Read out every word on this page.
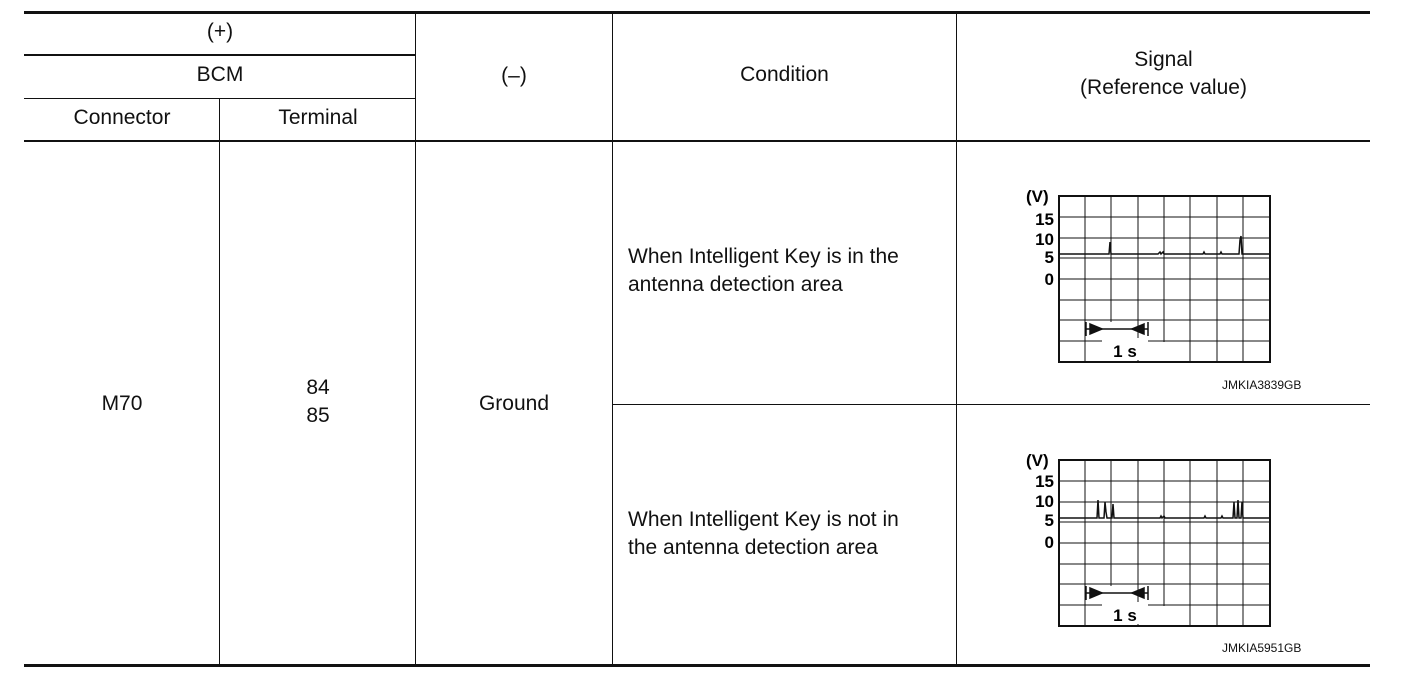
(+)
BCM
Connector	Terminal
(–)	Condition
Signal
(Reference value)
M70
84
85
Ground
When Intelligent Key is in the
antenna detection area
When Intelligent Key is not in
the antenna detection area
(V)
15
10
5
0
1 s
JMKIA3839GB
(V)
15
10
5
0
1 s
JMKIA5951GB
